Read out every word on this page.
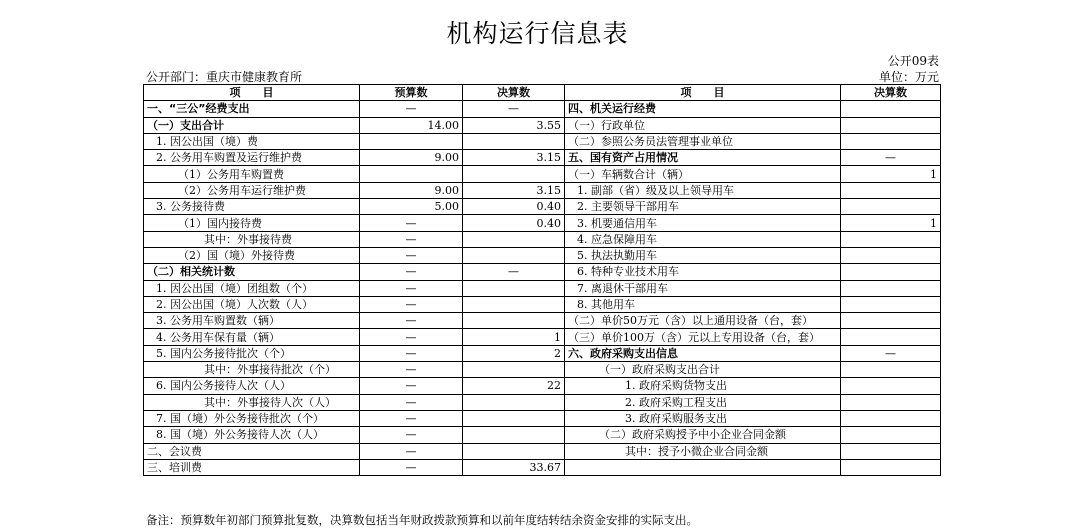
机构运行信息表
公开09表
公开部门：重庆市健康教育所	单位：万元
项　　目	预算数	决算数	项　　目	决算数
一、“三公”经费支出	—	—	四、机关运行经费	
（一）支出合计	14.00	3.55	（一）行政单位	
1. 因公出国（境）费			（二）参照公务员法管理事业单位	
2. 公务用车购置及运行维护费	9.00	3.15	五、国有资产占用情况	—
（1）公务用车购置费			（一）车辆数合计（辆）	1
（2）公务用车运行维护费	9.00	3.15	1. 副部（省）级及以上领导用车	
3. 公务接待费	5.00	0.40	2. 主要领导干部用车	
（1）国内接待费	—	0.40	3. 机要通信用车	1
其中：外事接待费	—		4. 应急保障用车	
（2）国（境）外接待费	—		5. 执法执勤用车	
（二）相关统计数	—	—	6. 特种专业技术用车	
1. 因公出国（境）团组数（个）	—		7. 离退休干部用车	
2. 因公出国（境）人次数（人）	—		8. 其他用车	
3. 公务用车购置数（辆）	—		（二）单价50万元（含）以上通用设备（台，套）	
4. 公务用车保有量（辆）	—	1	（三）单价100万（含）元以上专用设备（台，套）	
5. 国内公务接待批次（个）	—	2	六、政府采购支出信息	—
其中：外事接待批次（个）	—		（一）政府采购支出合计	
6. 国内公务接待人次（人）	—	22	1. 政府采购货物支出	
其中：外事接待人次（人）	—		2. 政府采购工程支出	
7. 国（境）外公务接待批次（个）	—		3. 政府采购服务支出	
8. 国（境）外公务接待人次（人）	—		（二）政府采购授予中小企业合同金额	
二、会议费	—		其中：授予小微企业合同金额	
三、培训费	—	33.67		
备注：预算数年初部门预算批复数，决算数包括当年财政拨款预算和以前年度结转结余资金安排的实际支出。
